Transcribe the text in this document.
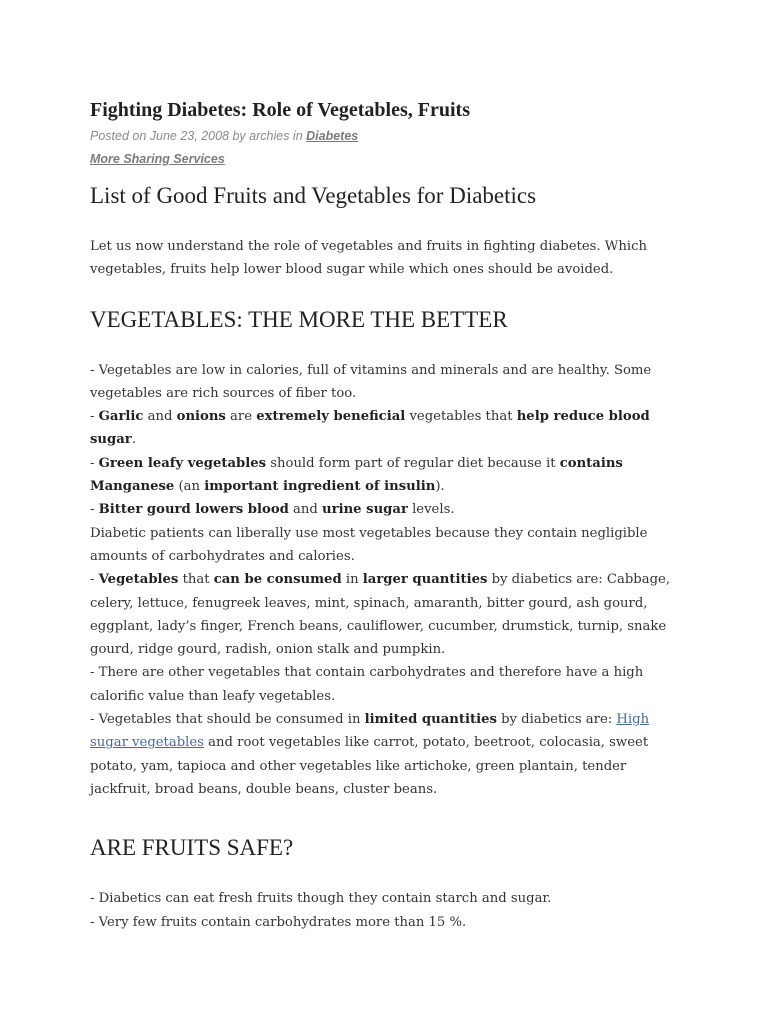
Fighting Diabetes: Role of Vegetables, Fruits
Posted on June 23, 2008 by archies in Diabetes
More Sharing Services
List of Good Fruits and Vegetables for Diabetics

Let us now understand the role of vegetables and fruits in fighting diabetes. Which
vegetables, fruits help lower blood sugar while which ones should be avoided.

VEGETABLES: THE MORE THE BETTER

- Vegetables are low in calories, full of vitamins and minerals and are healthy. Some
vegetables are rich sources of fiber too.
- Garlic and onions are extremely beneficial vegetables that help reduce blood
sugar.
- Green leafy vegetables should form part of regular diet because it contains
Manganese (an important ingredient of insulin).
- Bitter gourd lowers blood and urine sugar levels.
Diabetic patients can liberally use most vegetables because they contain negligible
amounts of carbohydrates and calories.
- Vegetables that can be consumed in larger quantities by diabetics are: Cabbage,
celery, lettuce, fenugreek leaves, mint, spinach, amaranth, bitter gourd, ash gourd,
eggplant, lady’s finger, French beans, cauliflower, cucumber, drumstick, turnip, snake
gourd, ridge gourd, radish, onion stalk and pumpkin.
- There are other vegetables that contain carbohydrates and therefore have a high
calorific value than leafy vegetables.
- Vegetables that should be consumed in limited quantities by diabetics are: High
sugar vegetables and root vegetables like carrot, potato, beetroot, colocasia, sweet
potato, yam, tapioca and other vegetables like artichoke, green plantain, tender
jackfruit, broad beans, double beans, cluster beans.

ARE FRUITS SAFE?

- Diabetics can eat fresh fruits though they contain starch and sugar.
- Very few fruits contain carbohydrates more than 15 %.
